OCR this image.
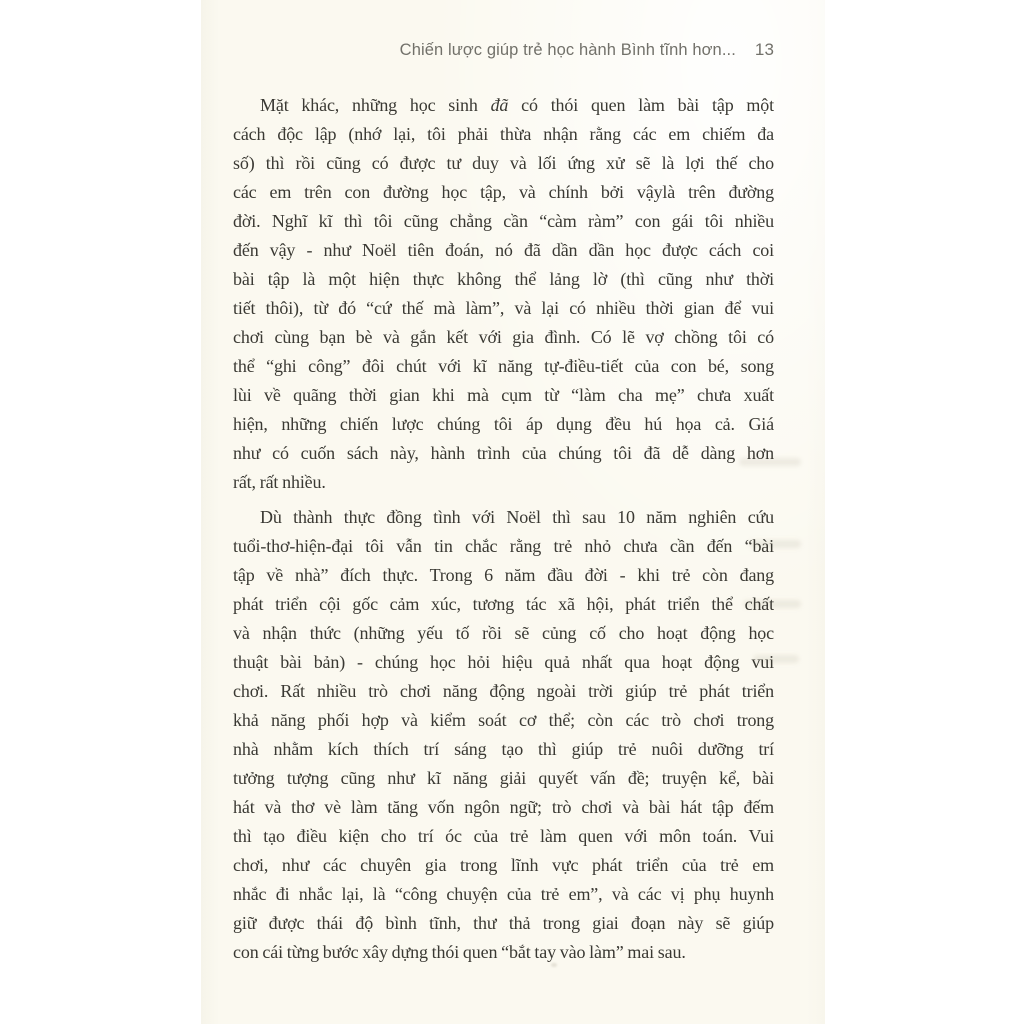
Chiến lược giúp trẻ học hành Bình tĩnh hơn... 13
Mặt khác, những học sinh đã có thói quen làm bài tập một
cách độc lập (nhớ lại, tôi phải thừa nhận rằng các em chiếm đa
số) thì rồi cũng có được tư duy và lối ứng xử sẽ là lợi thế cho
các em trên con đường học tập, và chính bởi vậylà trên đường
đời. Nghĩ kĩ thì tôi cũng chẳng cần “càm ràm” con gái tôi nhiều
đến vậy - như Noël tiên đoán, nó đã dần dần học được cách coi
bài tập là một hiện thực không thể lảng lờ (thì cũng như thời
tiết thôi), từ đó “cứ thế mà làm”, và lại có nhiều thời gian để vui
chơi cùng bạn bè và gắn kết với gia đình. Có lẽ vợ chồng tôi có
thể “ghi công” đôi chút với kĩ năng tự-điều-tiết của con bé, song
lùi về quãng thời gian khi mà cụm từ “làm cha mẹ” chưa xuất
hiện, những chiến lược chúng tôi áp dụng đều hú họa cả. Giá
như có cuốn sách này, hành trình của chúng tôi đã dễ dàng hơn
rất, rất nhiều.
Dù thành thực đồng tình với Noël thì sau 10 năm nghiên cứu
tuổi-thơ-hiện-đại tôi vẫn tin chắc rằng trẻ nhỏ chưa cần đến “bài
tập về nhà” đích thực. Trong 6 năm đầu đời - khi trẻ còn đang
phát triển cội gốc cảm xúc, tương tác xã hội, phát triển thể chất
và nhận thức (những yếu tố rồi sẽ củng cố cho hoạt động học
thuật bài bản) - chúng học hỏi hiệu quả nhất qua hoạt động vui
chơi. Rất nhiều trò chơi năng động ngoài trời giúp trẻ phát triển
khả năng phối hợp và kiểm soát cơ thể; còn các trò chơi trong
nhà nhằm kích thích trí sáng tạo thì giúp trẻ nuôi dưỡng trí
tưởng tượng cũng như kĩ năng giải quyết vấn đề; truyện kể, bài
hát và thơ vè làm tăng vốn ngôn ngữ; trò chơi và bài hát tập đếm
thì tạo điều kiện cho trí óc của trẻ làm quen với môn toán. Vui
chơi, như các chuyên gia trong lĩnh vực phát triển của trẻ em
nhắc đi nhắc lại, là “công chuyện của trẻ em”, và các vị phụ huynh
giữ được thái độ bình tĩnh, thư thả trong giai đoạn này sẽ giúp
con cái từng bước xây dựng thói quen “bắt tay vào làm” mai sau.
